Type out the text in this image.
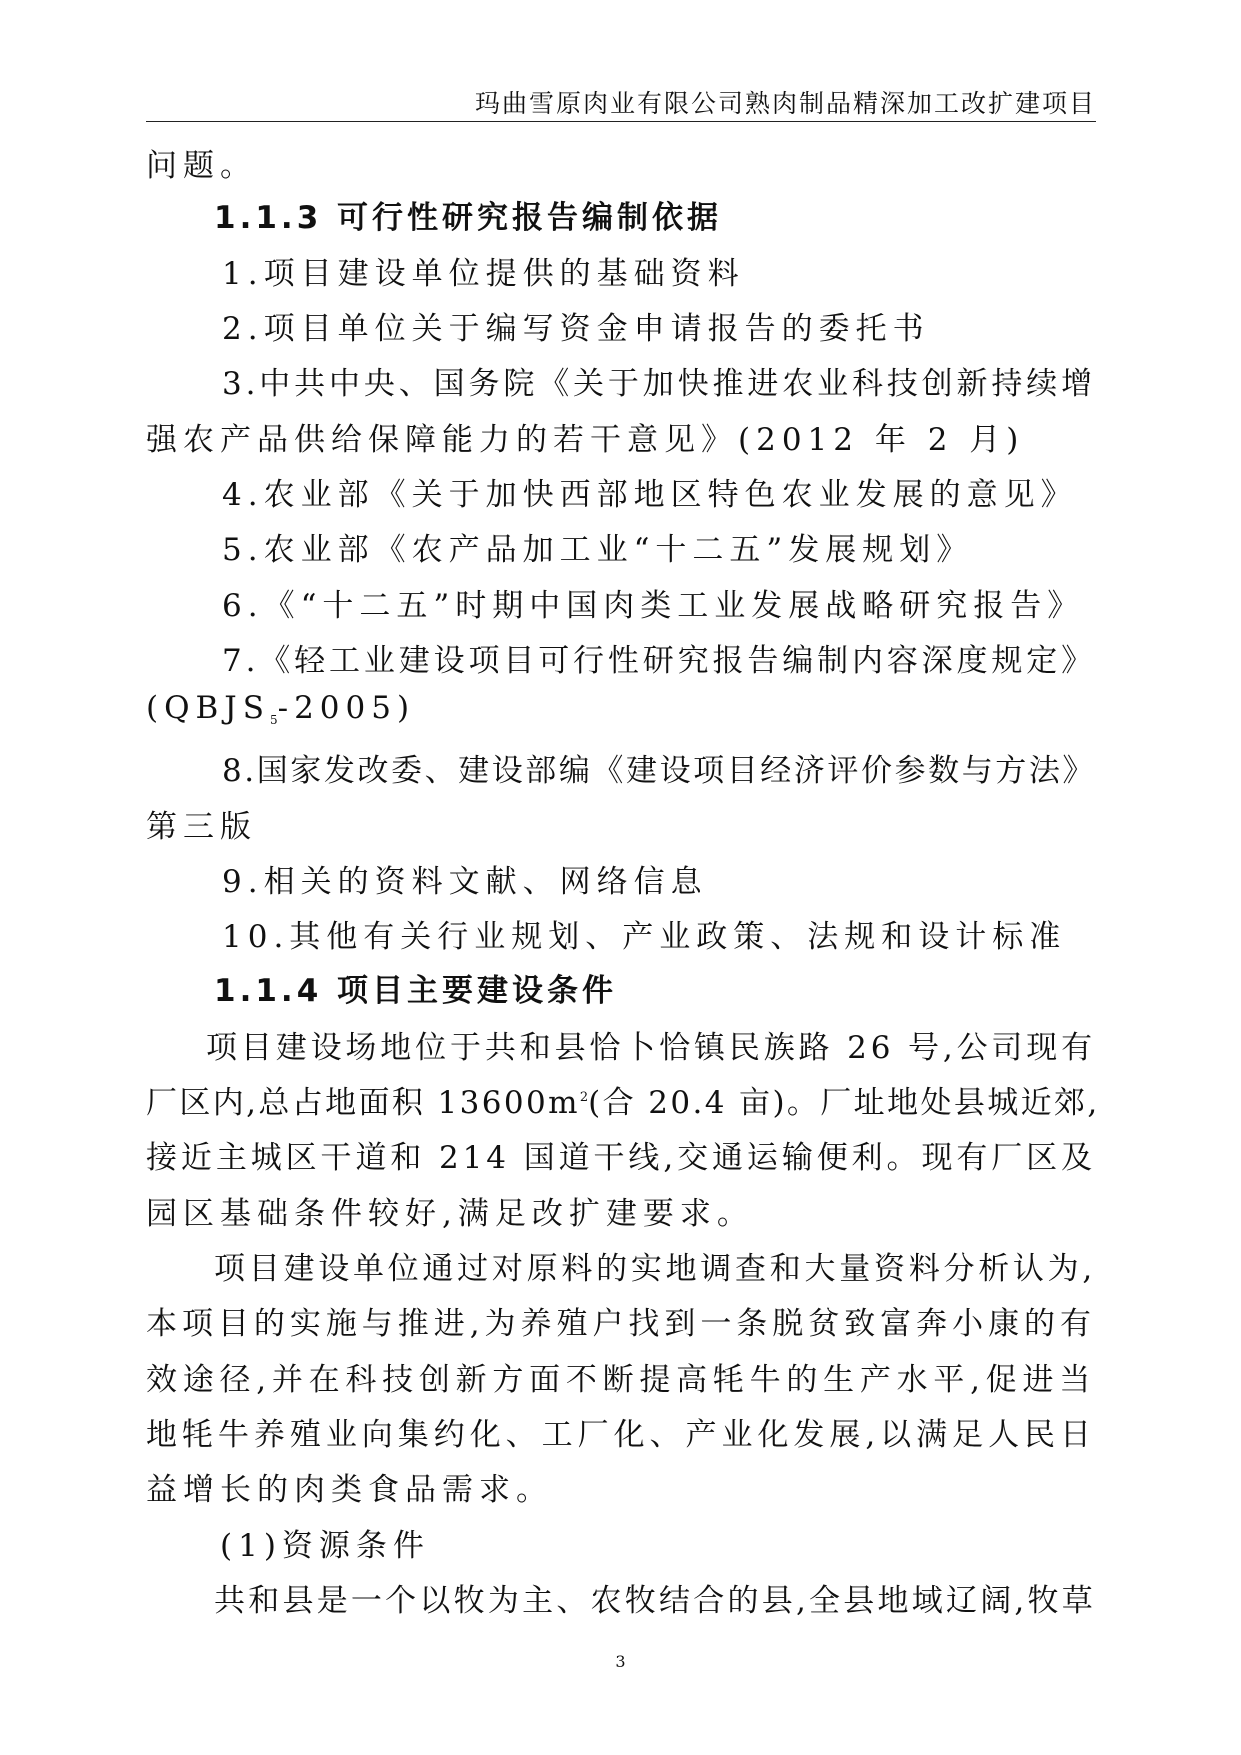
玛曲雪原肉业有限公司熟肉制品精深加工改扩建项目
问题。
1.1.3 可行性研究报告编制依据
1.项目建设单位提供的基础资料
2.项目单位关于编写资金申请报告的委托书
3.中共中央、国务院《关于加快推进农业科技创新持续增
强农产品供给保障能力的若干意见》(2012 年 2 月)
4.农业部《关于加快西部地区特色农业发展的意见》
5.农业部《农产品加工业“十二五”发展规划》
6.《“十二五”时期中国肉类工业发展战略研究报告》
7.《轻工业建设项目可行性研究报告编制内容深度规定》
$(QBJS_5-2005)$
8.国家发改委、建设部编《建设项目经济评价参数与方法》
第三版
9.相关的资料文献、网络信息
10.其他有关行业规划、产业政策、法规和设计标准
1.1.4 项目主要建设条件
项目建设场地位于共和县恰卜恰镇民族路 26 号,公司现有
厂区内,总占地面积 $13600m^2$(合 20.4 亩)。厂址地处县城近郊,
接近主城区干道和 214 国道干线,交通运输便利。现有厂区及
园区基础条件较好,满足改扩建要求。
项目建设单位通过对原料的实地调查和大量资料分析认为,
本项目的实施与推进,为养殖户找到一条脱贫致富奔小康的有
效途径,并在科技创新方面不断提高牦牛的生产水平,促进当
地牦牛养殖业向集约化、工厂化、产业化发展,以满足人民日
益增长的肉类食品需求。
(1)资源条件
共和县是一个以牧为主、农牧结合的县,全县地域辽阔,牧草
3
